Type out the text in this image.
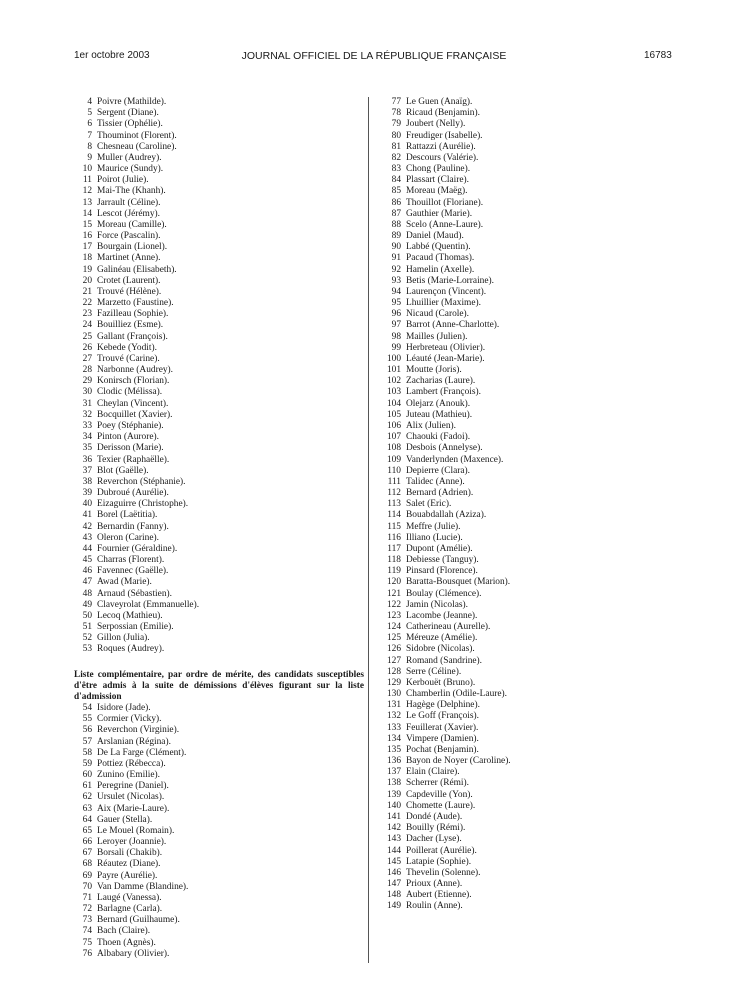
1er octobre 2003	JOURNAL OFFICIEL DE LA RÉPUBLIQUE FRANÇAISE	16783
4 Poivre (Mathilde).
5 Sergent (Diane).
6 Tissier (Ophélie).
7 Thouminot (Florent).
8 Chesneau (Caroline).
9 Muller (Audrey).
10 Maurice (Sundy).
11 Poirot (Julie).
12 Mai-The (Khanh).
13 Jarrault (Céline).
14 Lescot (Jérémy).
15 Moreau (Camille).
16 Force (Pascalin).
17 Bourgain (Lionel).
18 Martinet (Anne).
19 Galinéau (Elisabeth).
20 Crotet (Laurent).
21 Trouvé (Hélène).
22 Marzetto (Faustine).
23 Fazilleau (Sophie).
24 Bouilliez (Esme).
25 Gallant (François).
26 Kebede (Yodit).
27 Trouvé (Carine).
28 Narbonne (Audrey).
29 Konirsch (Florian).
30 Clodic (Mélissa).
31 Cheylan (Vincent).
32 Bocquillet (Xavier).
33 Poey (Stéphanie).
34 Pinton (Aurore).
35 Derisson (Marie).
36 Texier (Raphaëlle).
37 Blot (Gaëlle).
38 Reverchon (Stéphanie).
39 Dubroué (Aurélie).
40 Eizaguirre (Christophe).
41 Borel (Laëtitia).
42 Bernardin (Fanny).
43 Oleron (Carine).
44 Fournier (Géraldine).
45 Charras (Florent).
46 Favennec (Gaëlle).
47 Awad (Marie).
48 Arnaud (Sébastien).
49 Claveyrolat (Emmanuelle).
50 Lecoq (Mathieu).
51 Serpossian (Emilie).
52 Gillon (Julia).
53 Roques (Audrey).
Liste complémentaire, par ordre de mérite, des candidats susceptibles d'être admis à la suite de démissions d'élèves figurant sur la liste d'admission
54 Isidore (Jade).
55 Cormier (Vicky).
56 Reverchon (Virginie).
57 Arslanian (Régina).
58 De La Farge (Clément).
59 Pottiez (Rébecca).
60 Zunino (Emilie).
61 Peregrine (Daniel).
62 Ursulet (Nicolas).
63 Aix (Marie-Laure).
64 Gauer (Stella).
65 Le Mouel (Romain).
66 Leroyer (Joannie).
67 Borsali (Chakib).
68 Réautez (Diane).
69 Payre (Aurélie).
70 Van Damme (Blandine).
71 Laugé (Vanessa).
72 Barlagne (Carla).
73 Bernard (Guilhaume).
74 Bach (Claire).
75 Thoen (Agnès).
76 Albabary (Olivier).
77 Le Guen (Anaïg).
78 Ricaud (Benjamin).
79 Joubert (Nelly).
80 Freudiger (Isabelle).
81 Rattazzi (Aurélie).
82 Descours (Valérie).
83 Chong (Pauline).
84 Plassart (Claire).
85 Moreau (Maëg).
86 Thouillot (Floriane).
87 Gauthier (Marie).
88 Scelo (Anne-Laure).
89 Daniel (Maud).
90 Labbé (Quentin).
91 Pacaud (Thomas).
92 Hamelin (Axelle).
93 Betis (Marie-Lorraine).
94 Laurençon (Vincent).
95 Lhuillier (Maxime).
96 Nicaud (Carole).
97 Barrot (Anne-Charlotte).
98 Mailles (Julien).
99 Herbreteau (Olivier).
100 Léauté (Jean-Marie).
101 Moutte (Joris).
102 Zacharias (Laure).
103 Lambert (François).
104 Olejarz (Anouk).
105 Juteau (Mathieu).
106 Alix (Julien).
107 Chaouki (Fadoi).
108 Desbois (Annelyse).
109 Vanderlynden (Maxence).
110 Depierre (Clara).
111 Talidec (Anne).
112 Bernard (Adrien).
113 Salet (Eric).
114 Bouabdallah (Aziza).
115 Meffre (Julie).
116 Illiano (Lucie).
117 Dupont (Amélie).
118 Debiesse (Tanguy).
119 Pinsard (Florence).
120 Baratta-Bousquet (Marion).
121 Boulay (Clémence).
122 Jamin (Nicolas).
123 Lacombe (Jeanne).
124 Catherineau (Aurelle).
125 Méreuze (Amélie).
126 Sidobre (Nicolas).
127 Romand (Sandrine).
128 Serre (Céline).
129 Kerbouët (Bruno).
130 Chamberlin (Odile-Laure).
131 Hagège (Delphine).
132 Le Goff (François).
133 Feuillerat (Xavier).
134 Vimpere (Damien).
135 Pochat (Benjamin).
136 Bayon de Noyer (Caroline).
137 Elain (Claire).
138 Scherrer (Rémi).
139 Capdeville (Yon).
140 Chomette (Laure).
141 Dondé (Aude).
142 Bouilly (Rémi).
143 Dacher (Lyse).
144 Poillerat (Aurélie).
145 Latapie (Sophie).
146 Thevelin (Solenne).
147 Prioux (Anne).
148 Aubert (Etienne).
149 Roulin (Anne).
